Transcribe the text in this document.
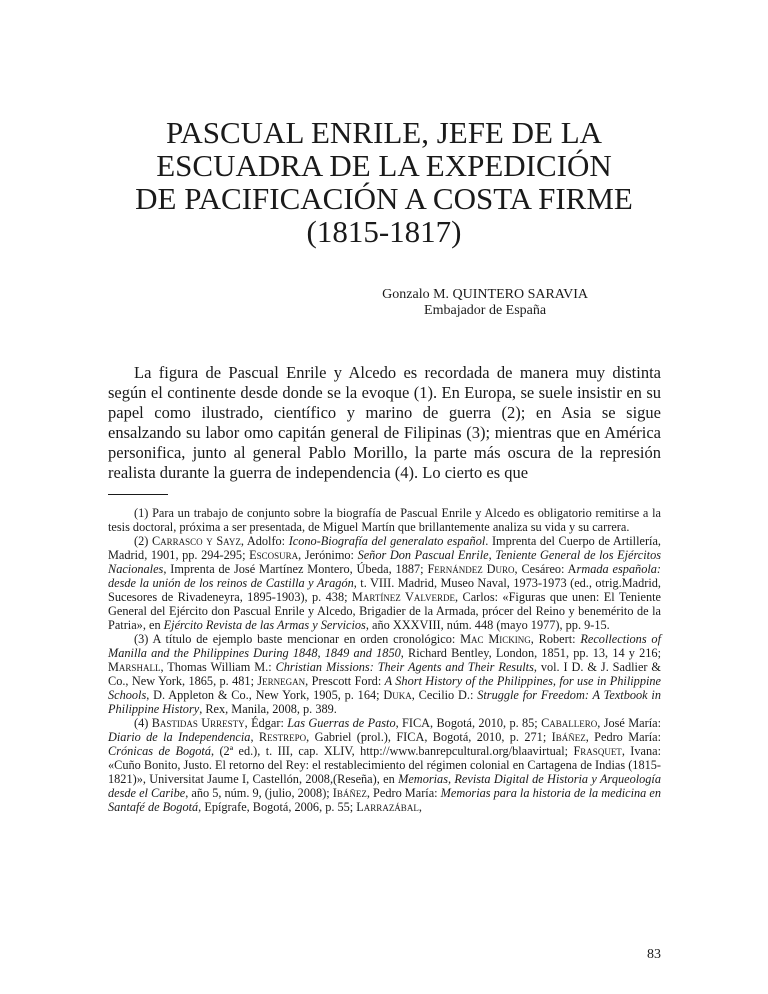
PASCUAL ENRILE, JEFE DE LA
ESCUADRA DE LA EXPEDICIÓN
DE PACIFICACIÓN A COSTA FIRME
(1815-1817)
Gonzalo M. QUINTERO SARAVIA
Embajador de España

La figura de Pascual Enrile y Alcedo es recordada de manera muy distinta según el continente desde donde se la evoque (1). En Europa, se suele insistir en su papel como ilustrado, científico y marino de guerra (2); en Asia se sigue ensalzando su labor omo capitán general de Filipinas (3); mientras que en América personifica, junto al general Pablo Morillo, la parte más oscura de la represión realista durante la guerra de independencia (4). Lo cierto es que

(1) Para un trabajo de conjunto sobre la biografía de Pascual Enrile y Alcedo es obligatorio remitirse a la tesis doctoral, próxima a ser presentada, de Miguel Martín que brillantemente analiza su vida y su carrera.

(2) Carrasco y Sayz, Adolfo: Icono-Biografía del generalato español. Imprenta del Cuerpo de Artillería, Madrid, 1901, pp. 294-295; Escosura, Jerónimo: Señor Don Pascual Enrile, Teniente General de los Ejércitos Nacionales, Imprenta de José Martínez Montero, Úbeda, 1887; Fernández Duro, Cesáreo: Armada española: desde la unión de los reinos de Castilla y Aragón, t. VIII. Madrid, Museo Naval, 1973-1973 (ed., otrig.Madrid, Sucesores de Rivadeneyra, 1895-1903), p. 438; Martínez Valverde, Carlos: «Figuras que unen: El Teniente General del Ejército don Pascual Enrile y Alcedo, Brigadier de la Armada, prócer del Reino y benemérito de la Patria», en Ejército Revista de las Armas y Servicios, año XXXVIII, núm. 448 (mayo 1977), pp. 9-15.

(3) A título de ejemplo baste mencionar en orden cronológico: Mac Micking, Robert: Recollections of Manilla and the Philippines During 1848, 1849 and 1850, Richard Bentley, London, 1851, pp. 13, 14 y 216; Marshall, Thomas William M.: Christian Missions: Their Agents and Their Results, vol. I D. & J. Sadlier & Co., New York, 1865, p. 481; Jernegan, Prescott Ford: A Short History of the Philippines, for use in Philippine Schools, D. Appleton & Co., New York, 1905, p. 164; Duka, Cecilio D.: Struggle for Freedom: A Textbook in Philippine History, Rex, Manila, 2008, p. 389.

(4) Bastidas Urresty, Édgar: Las Guerras de Pasto, FICA, Bogotá, 2010, p. 85; Caballero, José María: Diario de la Independencia, Restrepo, Gabriel (prol.), FICA, Bogotá, 2010, p. 271; Ibáñez, Pedro María: Crónicas de Bogotá, (2ª ed.), t. III, cap. XLIV, http://www.banrepcultural.org/blaavirtual; Frasquet, Ivana: «Cuño Bonito, Justo. El retorno del Rey: el restablecimiento del régimen colonial en Cartagena de Indias (1815-1821)», Universitat Jaume I, Castellón, 2008,(Reseña), en Memorias, Revista Digital de Historia y Arqueología desde el Caribe, año 5, núm. 9, (julio, 2008); Ibáñez, Pedro María: Memorias para la historia de la medicina en Santafé de Bogotá, Epígrafe, Bogotá, 2006, p. 55; Larrazábal,

83
